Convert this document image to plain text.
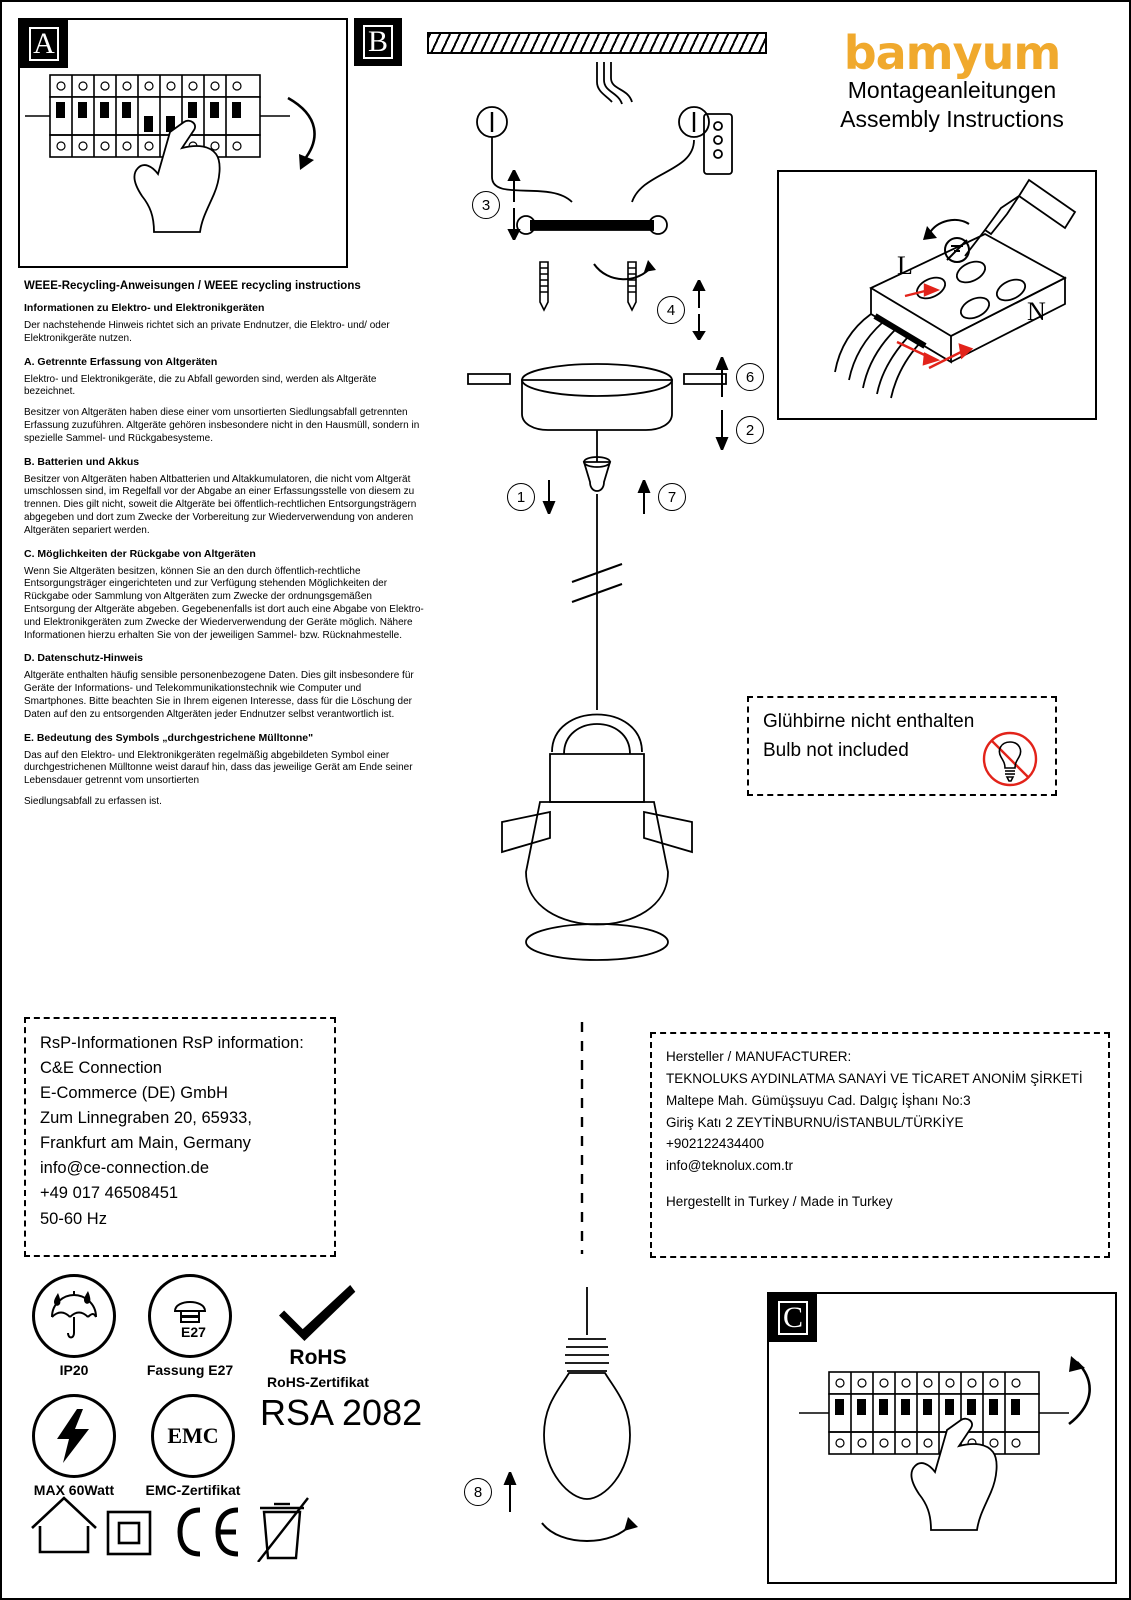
A
WEEE-Recycling-Anweisungen / WEEE recycling instructions
Informationen zu Elektro- und Elektronikgeräten

Der nachstehende Hinweis richtet sich an private Endnutzer, die Elektro- und/ oder Elektronikgeräte nutzen.

A. Getrennte Erfassung von Altgeräten

Elektro- und Elektronikgeräte, die zu Abfall geworden sind, werden als Altgeräte bezeichnet.

Besitzer von Altgeräten haben diese einer vom unsortierten Siedlungsabfall getrennten Erfassung zuzuführen. Altgeräte gehören insbesondere nicht in den Hausmüll, sondern in spezielle Sammel- und Rückgabesysteme.

B. Batterien und Akkus

Besitzer von Altgeräten haben Altbatterien und Altakkumulatoren, die nicht vom Altgerät umschlossen sind, im Regelfall vor der Abgabe an einer Erfassungsstelle von diesem zu trennen. Dies gilt nicht, soweit die Altgeräte bei öffentlich-rechtlichen Entsorgungsträgern abgegeben und dort zum Zwecke der Vorbereitung zur Wiederverwendung von anderen Altgeräten separiert werden.

C. Möglichkeiten der Rückgabe von Altgeräten

Wenn Sie Altgeräten besitzen, können Sie an den durch öffentlich-rechtliche Entsorgungsträger eingerichteten und zur Verfügung stehenden Möglichkeiten der Rückgabe oder Sammlung von Altgeräten zum Zwecke der ordnungsgemäßen Entsorgung der Altgeräte abgeben. Gegebenenfalls ist dort auch eine Abgabe von Elektro- und Elektronikgeräten zum Zwecke der Wiederverwendung der Geräte möglich. Nähere Informationen hierzu erhalten Sie von der jeweiligen Sammel- bzw. Rücknahmestelle.

D. Datenschutz-Hinweis

Altgeräte enthalten häufig sensible personenbezogene Daten. Dies gilt insbesondere für Geräte der Informations- und Telekommunikationstechnik wie Computer und Smartphones. Bitte beachten Sie in Ihrem eigenen Interesse, dass für die Löschung der Daten auf den zu entsorgenden Altgeräten jeder Endnutzer selbst verantwortlich ist.

E. Bedeutung des Symbols „durchgestrichene Mülltonne"

Das auf den Elektro- und Elektronikgeräten regelmäßig abgebildeten Symbol einer durchgestrichenen Mülltonne weist darauf hin, dass das jeweilige Gerät am Ende seiner Lebensdauer getrennt vom unsortierten

Siedlungsabfall zu erfassen ist.

B	bamyum
Montageanleitungen
Assembly Instructions
3
4
6
2
1	7
L
N
Glühbirne nicht enthalten
Bulb not included
RsP-Informationen RsP information:
C&E Connection
E-Commerce (DE) GmbH
Zum Linnegraben 20, 65933,
Frankfurt am Main, Germany
info@ce-connection.de
+49 017 46508451
50-60 Hz
Hersteller / MANUFACTURER:
TEKNOLUKS AYDINLATMA SANAYİ VE TİCARET ANONİM ŞİRKETİ
Maltepe Mah. Gümüşsuyu Cad. Dalgıç İşhanı No:3
Giriş Katı 2 ZEYTİNBURNU/İSTANBUL/TÜRKİYE
+902122434400
info@teknolux.com.tr
Hergestellt in Turkey / Made in Turkey
IP20
E27
Fassung E27
RoHS
RoHS-Zertifikat
MAX 60Watt
EMC
EMC-Zertifikat
RSA 2082
8
C
